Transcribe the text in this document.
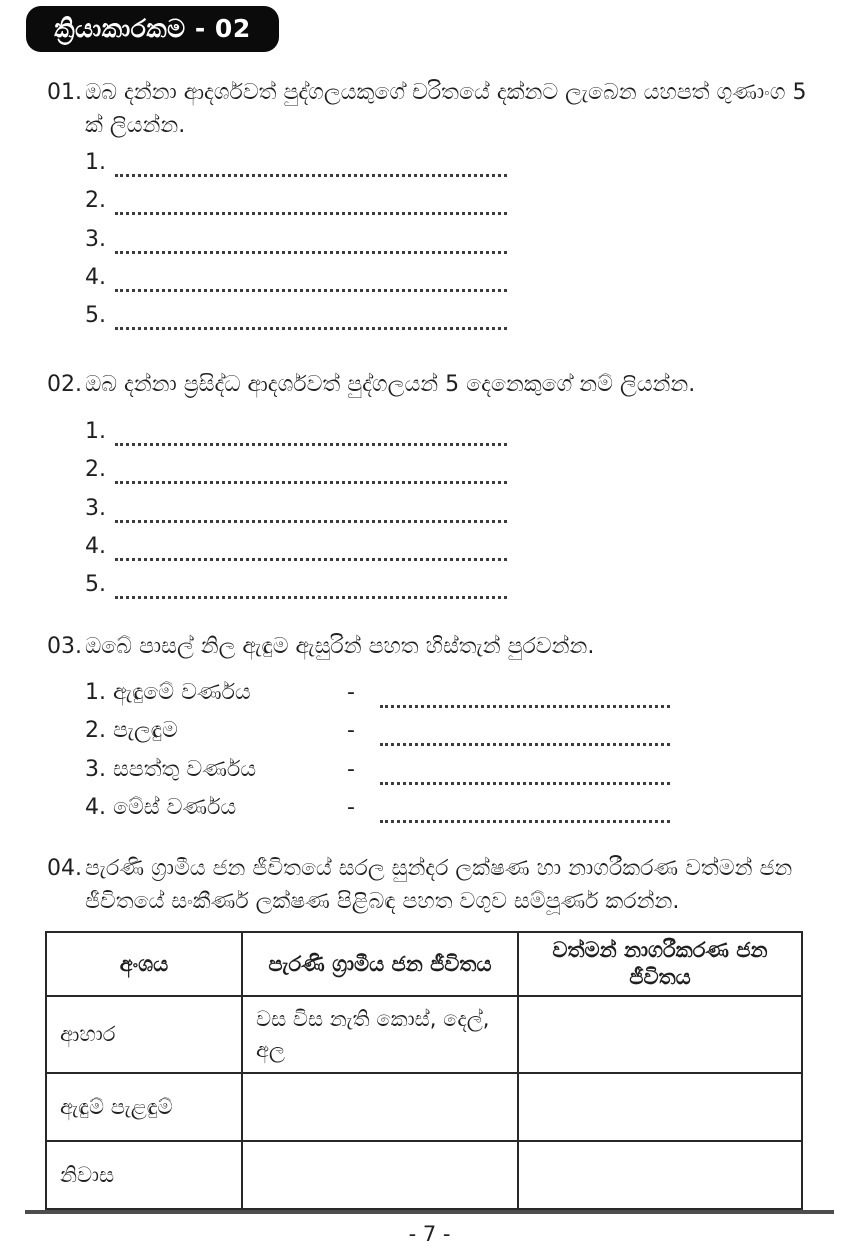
ක්‍රියාකාරකම - 02
01. ඔබ දන්නා ආදර්ශවත් පුද්ගලයකුගේ චරිතයේ දක්නට ලැබෙන යහපත් ගුණාංග 5 ක් ලියන්න.
1.
2.
3.
4.
5.
02. ඔබ දන්නා ප්‍රසිද්ධ ආදර්ශවත් පුද්ගලයන් 5 දෙනෙකුගේ නම් ලියන්න.
1.
2.
3.
4.
5.
03. ඔබේ පාසල් නිල ඇඳුම ඇසුරින් පහත හිස්තැන් පුරවන්න.
1. ඇඳුමේ වර්ණය	-
2. පැලඳුම	-
3. සපත්තු වර්ණය	-
4. මේස් වර්ණය	-
04. පැරණි ග්‍රාමීය ජන ජීවිතයේ සරල සුන්දර ලක්ෂණ හා නාගරීකරණ වත්මන් ජන ජීවිතයේ සංකීර්ණ ලක්ෂණ පිළිබඳ පහත වගුව සම්පූර්ණ කරන්න.
අංශය	පැරණි ග්‍රාමීය ජන ජීවිතය	වත්මන් නාගරීකරණ ජන ජීවිතය
ආහාර	වස විස නැති කොස්, දෙල්, අල	
ඇඳුම් පැළඳුම්		
නිවාස		
- 7 -
